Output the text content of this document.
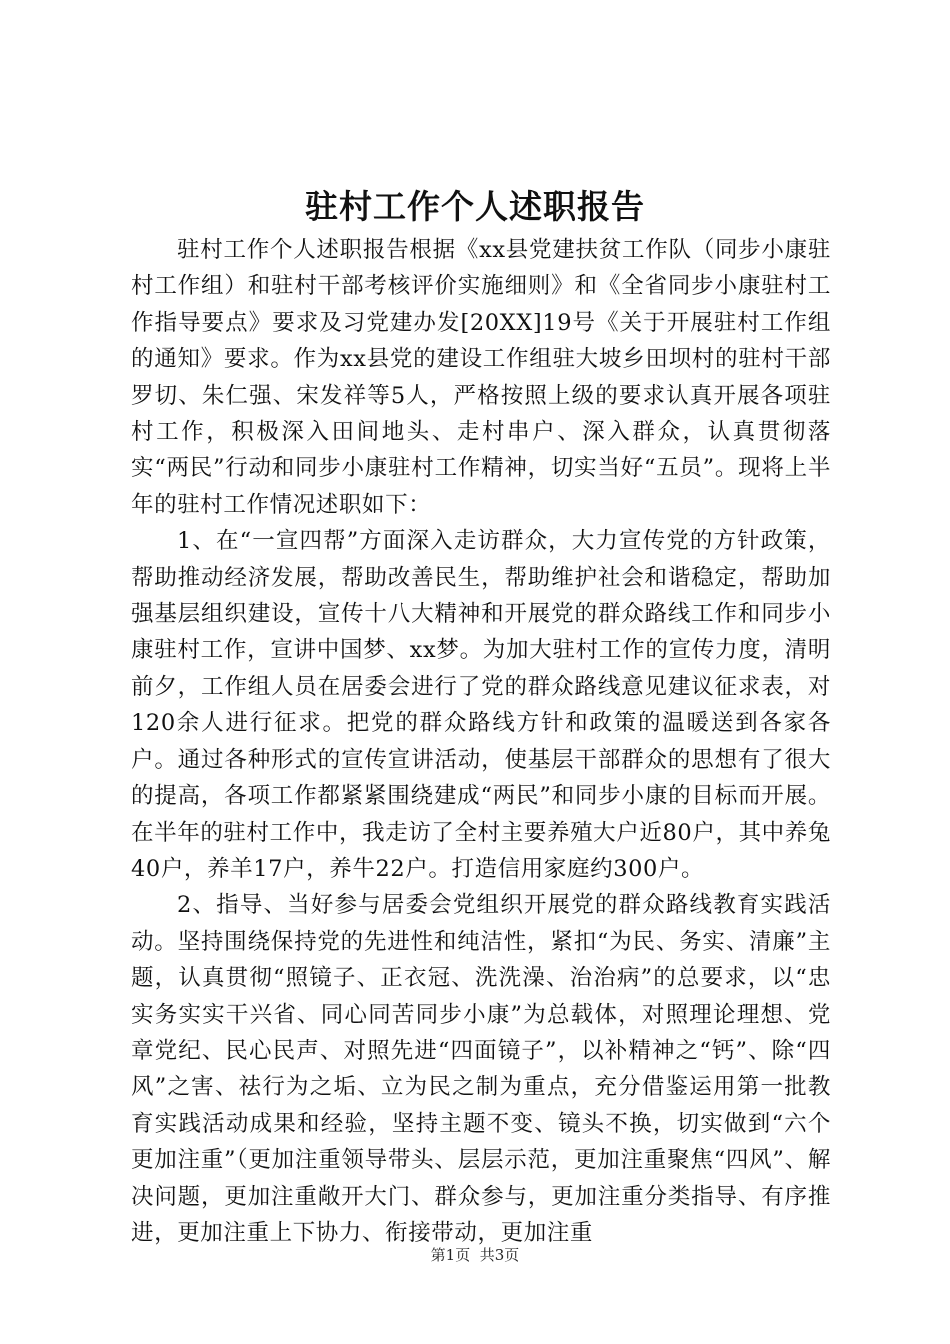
驻村工作个人述职报告

驻村工作个人述职报告根据《xx县党建扶贫工作队（同步小康驻村工作组）和驻村干部考核评价实施细则》和《全省同步小康驻村工作指导要点》要求及习党建办发[20XX]19号《关于开展驻村工作组的通知》要求。作为xx县党的建设工作组驻大坡乡田坝村的驻村干部罗切、朱仁强、宋发祥等5人，严格按照上级的要求认真开展各项驻村工作，积极深入田间地头、走村串户、深入群众，认真贯彻落实“两民”行动和同步小康驻村工作精神，切实当好“五员”。现将上半年的驻村工作情况述职如下：

1、在“一宣四帮”方面深入走访群众，大力宣传党的方针政策，帮助推动经济发展，帮助改善民生，帮助维护社会和谐稳定，帮助加强基层组织建设，宣传十八大精神和开展党的群众路线工作和同步小康驻村工作，宣讲中国梦、xx梦。为加大驻村工作的宣传力度，清明前夕，工作组人员在居委会进行了党的群众路线意见建议征求表，对120余人进行征求。把党的群众路线方针和政策的温暖送到各家各户。通过各种形式的宣传宣讲活动，使基层干部群众的思想有了很大的提高，各项工作都紧紧围绕建成“两民”和同步小康的目标而开展。在半年的驻村工作中，我走访了全村主要养殖大户近80户，其中养兔40户，养羊17户，养牛22户。打造信用家庭约300户。

2、指导、当好参与居委会党组织开展党的群众路线教育实践活动。坚持围绕保持党的先进性和纯洁性，紧扣“为民、务实、清廉”主题，认真贯彻“照镜子、正衣冠、洗洗澡、治治病”的总要求，以“忠实务实实干兴省、同心同苦同步小康”为总载体，对照理论理想、党章党纪、民心民声、对照先进“四面镜子”，以补精神之“钙”、除“四风”之害、祛行为之垢、立为民之制为重点，充分借鉴运用第一批教育实践活动成果和经验，坚持主题不变、镜头不换，切实做到“六个更加注重”（更加注重领导带头、层层示范，更加注重聚焦“四风”、解决问题，更加注重敞开大门、群众参与，更加注重分类指导、有序推进，更加注重上下协力、衔接带动，更加注重

第1页 共3页
